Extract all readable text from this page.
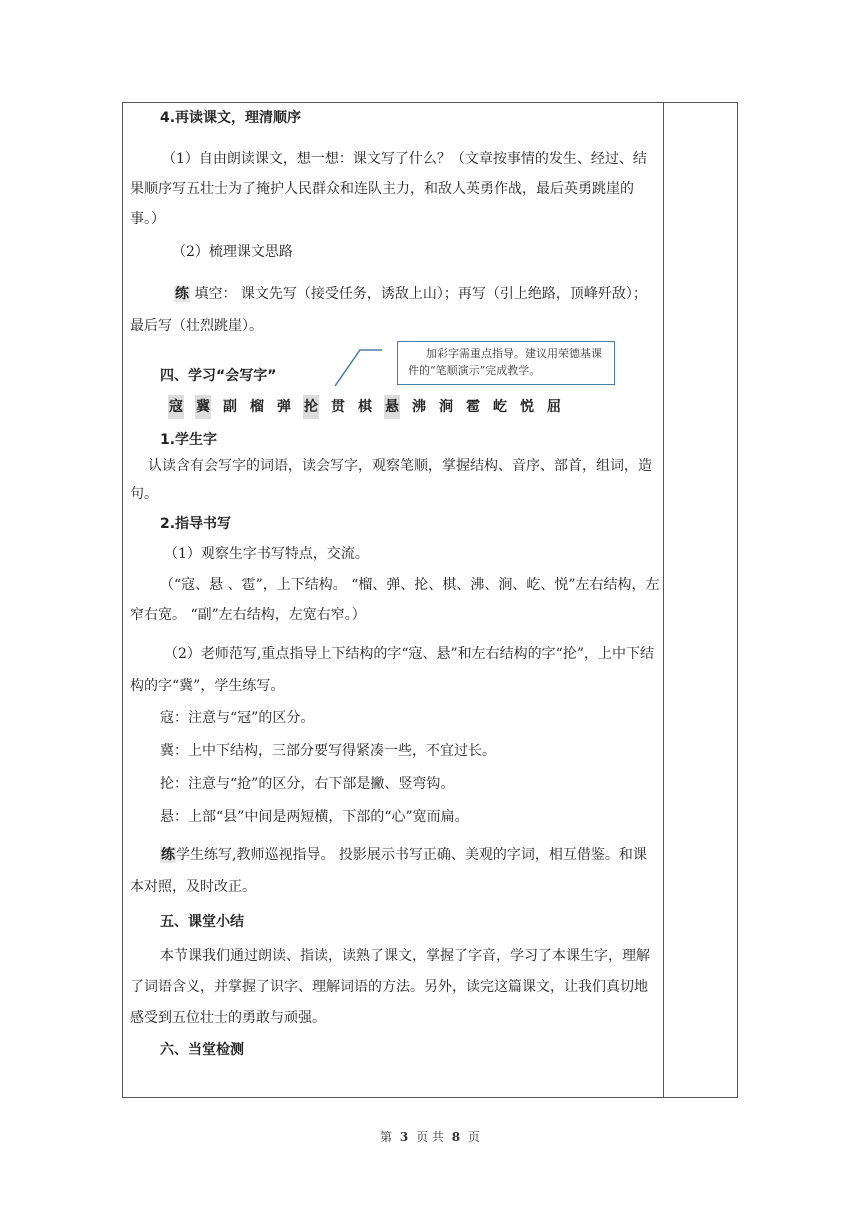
4.再读课文，理清顺序

（1）自由朗读课文，想一想：课文写了什么？（文章按事情的发生、经过、结果顺序写五壮士为了掩护人民群众和连队主力，和敌人英勇作战，最后英勇跳崖的事。）

（2）梳理课文思路

练 填空： 课文先写（接受任务，诱敌上山）；再写（引上绝路，顶峰歼敌）；最后写（壮烈跳崖）。

四、学习“会写字”

1.学生字

认读含有会写字的词语，读会写字，观察笔顺，掌握结构、音序、部首，组词，造句。

2.指导书写

（1）观察生字书写特点，交流。

（“寇、悬 、雹”，上下结构。 “榴、弹、抡、棋、沸、涧、屹、悦”左右结构，左窄右宽。 “副”左右结构，左宽右窄。）

（2）老师范写,重点指导上下结构的字“寇、悬”和左右结构的字“抡”，上中下结构的字“冀”，学生练写。

寇：注意与“冠”的区分。

冀：上中下结构，三部分要写得紧凑一些，不宜过长。

抡：注意与“抢”的区分，右下部是撇、竖弯钩。

悬：上部“县”中间是两短横，下部的“心”宽而扁。

练学生练写,教师巡视指导。 投影展示书写正确、美观的字词，相互借鉴。和课本对照，及时改正。

五、课堂小结

本节课我们通过朗读、指读，读熟了课文，掌握了字音，学习了本课生字，理解了词语含义，并掌握了识字、理解词语的方法。另外，读完这篇课文，让我们真切地感受到五位壮士的勇敢与顽强。

六、当堂检测

加彩字需重点指导。建议用荣德基课件的“笔顺演示”完成教学。
寇 冀 副 榴 弹 抡 贯 棋 悬 沸 涧 雹 屹 悦 屈
第 3 页 共 8 页
